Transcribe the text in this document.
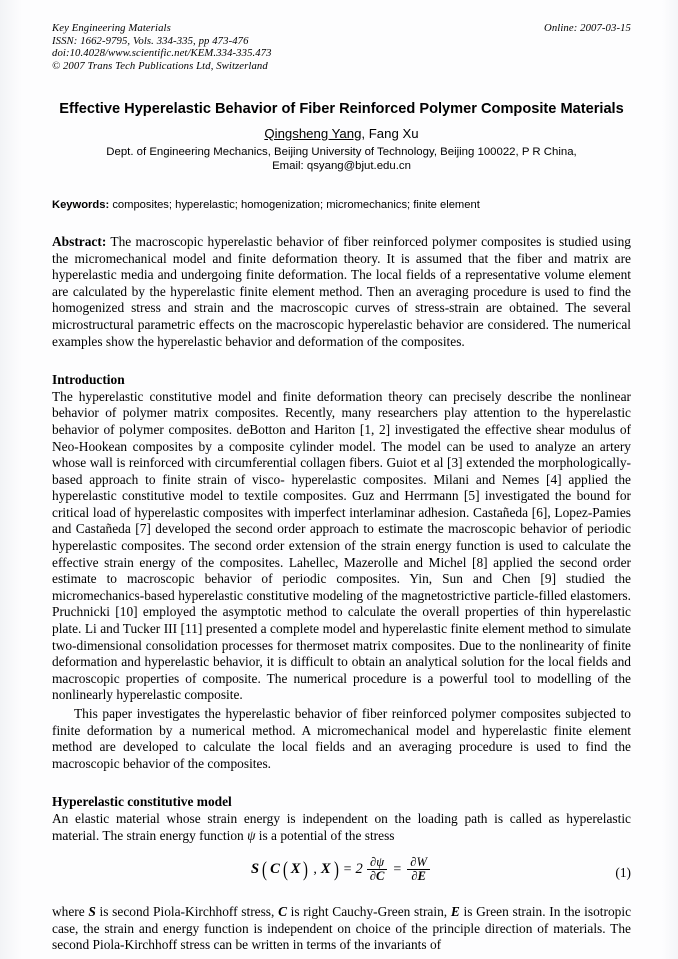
Online: 2007-03-15
Key Engineering Materials
ISSN: 1662-9795, Vols. 334-335, pp 473-476
doi:10.4028/www.scientific.net/KEM.334-335.473
© 2007 Trans Tech Publications Ltd, Switzerland
Effective Hyperelastic Behavior of Fiber Reinforced Polymer Composite Materials
Qingsheng Yang, Fang Xu
Dept. of Engineering Mechanics, Beijing University of Technology, Beijing 100022, P R China,
Email: qsyang@bjut.edu.cn
Keywords: composites; hyperelastic; homogenization; micromechanics; finite element

Abstract: The macroscopic hyperelastic behavior of fiber reinforced polymer composites is studied using the micromechanical model and finite deformation theory. It is assumed that the fiber and matrix are hyperelastic media and undergoing finite deformation. The local fields of a representative volume element are calculated by the hyperelastic finite element method. Then an averaging procedure is used to find the homogenized stress and strain and the macroscopic curves of stress-strain are obtained. The several microstructural parametric effects on the macroscopic hyperelastic behavior are considered. The numerical examples show the hyperelastic behavior and deformation of the composites.

Introduction

The hyperelastic constitutive model and finite deformation theory can precisely describe the nonlinear behavior of polymer matrix composites. Recently, many researchers play attention to the hyperelastic behavior of polymer composites. deBotton and Hariton [1, 2] investigated the effective shear modulus of Neo-Hookean composites by a composite cylinder model. The model can be used to analyze an artery whose wall is reinforced with circumferential collagen fibers. Guiot et al [3] extended the morphologically-based approach to finite strain of visco- hyperelastic composites. Milani and Nemes [4] applied the hyperelastic constitutive model to textile composites. Guz and Herrmann [5] investigated the bound for critical load of hyperelastic composites with imperfect interlaminar adhesion. Castañeda [6], Lopez-Pamies and Castañeda [7] developed the second order approach to estimate the macroscopic behavior of periodic hyperelastic composites. The second order extension of the strain energy function is used to calculate the effective strain energy of the composites. Lahellec, Mazerolle and Michel [8] applied the second order estimate to macroscopic behavior of periodic composites. Yin, Sun and Chen [9] studied the micromechanics-based hyperelastic constitutive modeling of the magnetostrictive particle-filled elastomers. Pruchnicki [10] employed the asymptotic method to calculate the overall properties of thin hyperelastic plate. Li and Tucker III [11] presented a complete model and hyperelastic finite element method to simulate two-dimensional consolidation processes for thermoset matrix composites. Due to the nonlinearity of finite deformation and hyperelastic behavior, it is difficult to obtain an analytical solution for the local fields and macroscopic properties of composite. The numerical procedure is a powerful tool to modelling of the nonlinearly hyperelastic composite.

This paper investigates the hyperelastic behavior of fiber reinforced polymer composites subjected to finite deformation by a numerical method. A micromechanical model and hyperelastic finite element method are developed to calculate the local fields and an averaging procedure is used to find the macroscopic behavior of the composites.

Hyperelastic constitutive model

An elastic material whose strain energy is independent on the loading path is called as hyperelastic material. The strain energy function ψ is a potential of the stress

S ( C ( X ) , X ) = $2 \frac{\partial\psi}{\partial C} = \frac{\partial W}{\partial E}$	(1)

where S is second Piola-Kirchhoff stress, C is right Cauchy-Green strain, E is Green strain. In the isotropic case, the strain and energy function is independent on choice of the principle direction of materials. The second Piola-Kirchhoff stress can be written in terms of the invariants of
